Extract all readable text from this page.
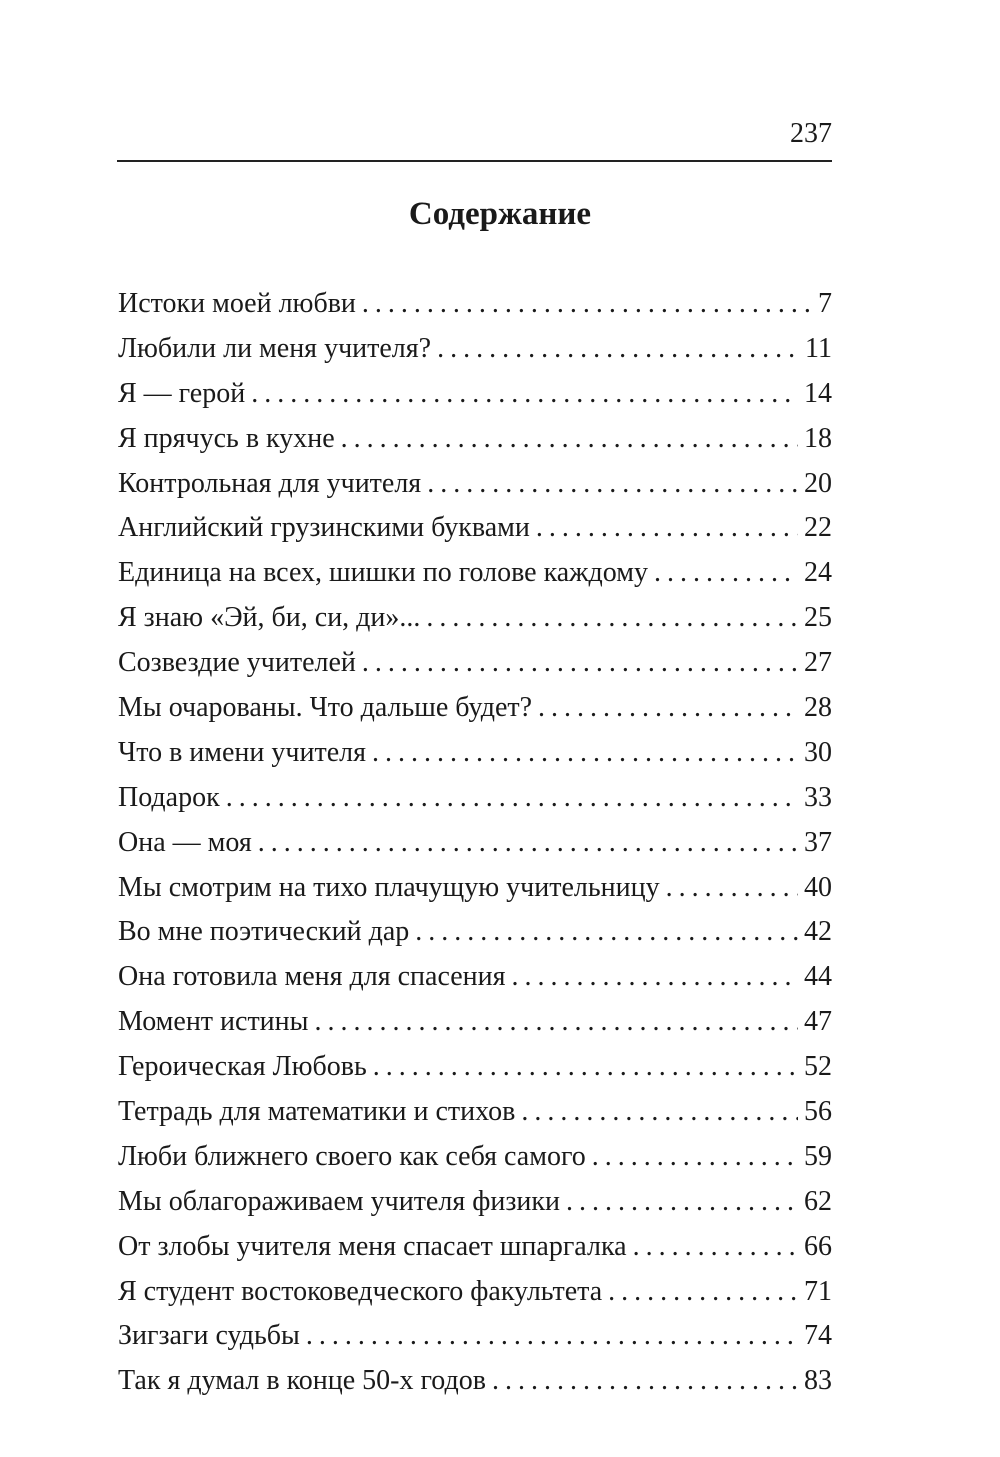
237
Содержание
Истоки моей любви . . .	7
Любили ли меня учителя? . . .	11
Я — герой . . .	14
Я прячусь в кухне . . .	18
Контрольная для учителя . . .	20
Английский грузинскими буквами . . .	22
Единица на всех, шишки по голове каждому . . .	24
Я знаю «Эй, би, си, ди»... . . .	25
Созвездие учителей . . .	27
Мы очарованы. Что дальше будет? . . .	28
Что в имени учителя . . .	30
Подарок . . .	33
Она — моя . . .	37
Мы смотрим на тихо плачущую учительницу . . .	40
Во мне поэтический дар . . .	42
Она готовила меня для спасения . . .	44
Момент истины . . .	47
Героическая Любовь . . .	52
Тетрадь для математики и стихов . . .	56
Люби ближнего своего как себя самого . . .	59
Мы облагораживаем учителя физики . . .	62
От злобы учителя меня спасает шпаргалка . . .	66
Я студент востоковедческого факультета . . .	71
Зигзаги судьбы . . .	74
Так я думал в конце 50-х годов . . .	83
